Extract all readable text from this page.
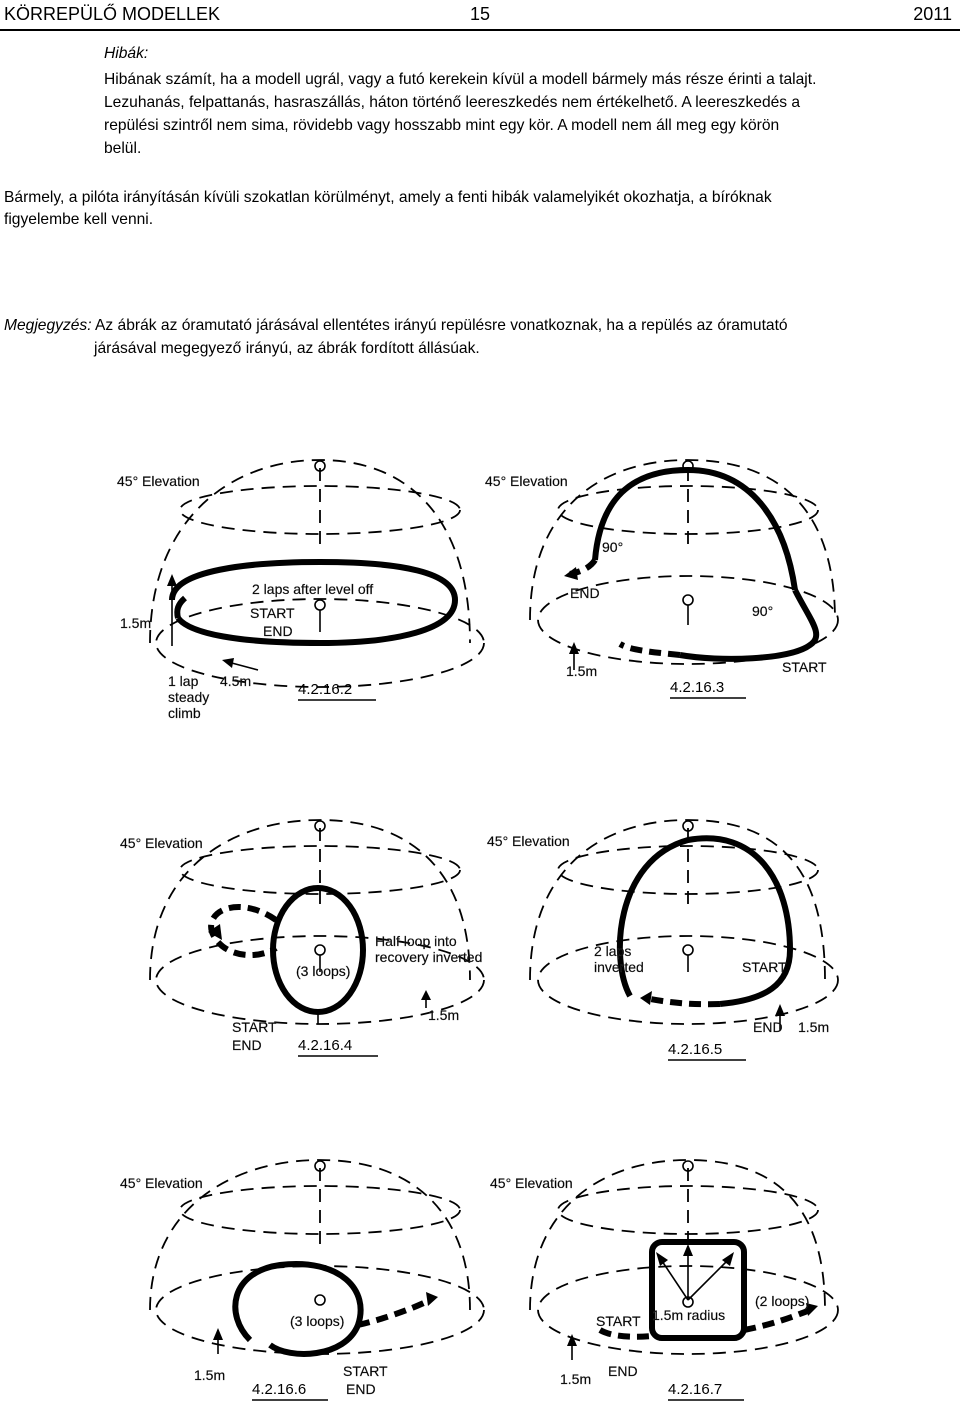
KÖRREPÜLŐ MODELLEK	15	2011
Hibák:
Hibának számít, ha a modell ugrál, vagy a futó kerekein kívül a modell bármely más része érinti a talajt.
Lezuhanás, felpattanás, hasraszállás, háton történő leereszkedés nem értékelhető. A leereszkedés a
repülési szintről nem sima, rövidebb vagy hosszabb mint egy kör. A modell nem áll meg egy körön
belül.
Bármely, a pilóta irányításán kívüli szokatlan körülményt, amely a fenti hibák valamelyikét okozhatja, a bíróknak
figyelembe kell venni.
Megjegyzés: Az ábrák az óramutató járásával ellentétes irányú repülésre vonatkoznak, ha a repülés az óramutató
járásával megegyező irányú, az ábrák fordított állásúak.
45° Elevation
2 laps after level off
START
END
1.5m
1 lap
steady
climb
4.5m	4.2.16.2
45° Elevation
90°
90°
END
1.5m	START
4.2.16.3
45° Elevation
(3 loops)
START
END 4.2.16.4
45° Elevation
Half loop into
recovery inverted
1.5m
2 laps
inverted	START
END 1.5m
4.2.16.5
45° Elevation
(3 loops)
1.5m	START
END
4.2.16.6
45° Elevation
(2 loops)
1.5m radius
START
1.5m END
4.2.16.7
